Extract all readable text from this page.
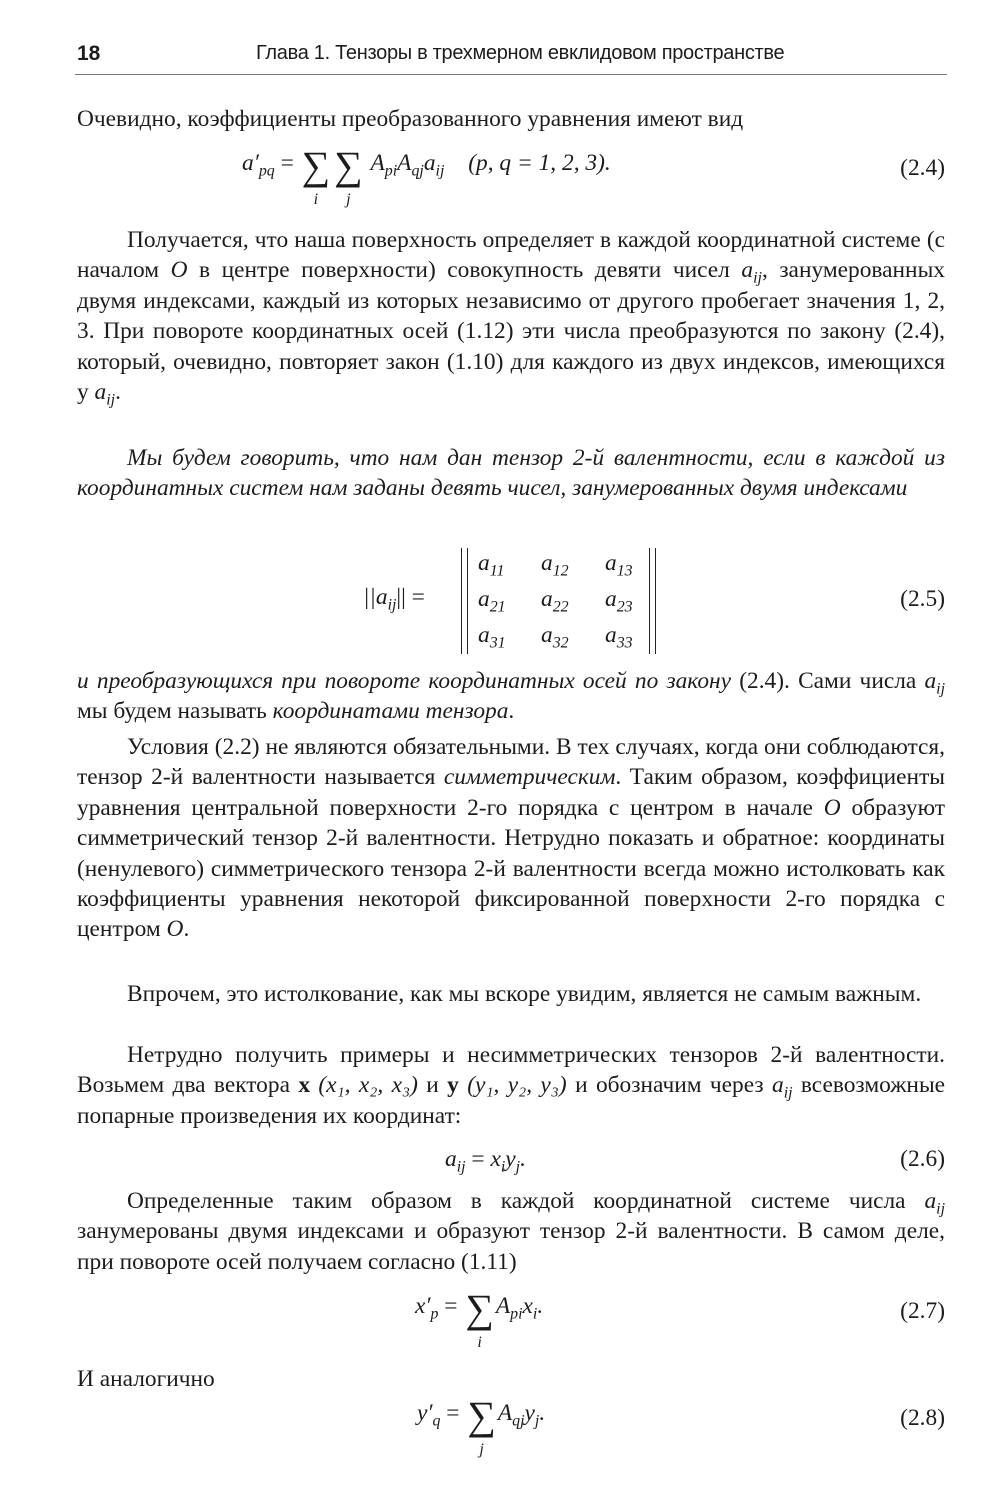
18	Глава 1. Тензоры в трехмерном евклидовом пространстве

Очевидно, коэффициенты преобразованного уравнения имеют вид

$a'_{pq}$ = ∑
i
∑
j
$A_{pi}A_{qj}a_{ij}$ (p, q = 1, 2, 3).	(2.4)

Получается, что наша поверхность определяет в каждой координатной системе (с началом O в центре поверхности) совокупность девяти чисел $a_{ij}$, занумерованных двумя индексами, каждый из которых независимо от другого пробегает значения 1, 2, 3. При повороте координатных осей (1.12) эти числа преобразуются по закону (2.4), который, очевидно, повторяет закон (1.10) для каждого из двух индексов, имеющихся у $a_{ij}$.

Мы будем говорить, что нам дан тензор 2-й валентности, если в каждой из координатных систем нам заданы девять чисел, занумерованных двумя индексами

$||a_{ij}||$ =
$a_{11}$ $a_{12}$ $a_{13}$
$a_{21}$ $a_{22}$ $a_{23}$
$a_{31}$ $a_{32}$ $a_{33}$
(2.5)

и преобразующихся при повороте координатных осей по закону (2.4). Сами числа $a_{ij}$ мы будем называть координатами тензора.

Условия (2.2) не являются обязательными. В тех случаях, когда они соблюдаются, тензор 2-й валентности называется симметрическим. Таким образом, коэффициенты уравнения центральной поверхности 2-го порядка с центром в начале O образуют симметрический тензор 2-й валентности. Нетрудно показать и обратное: координаты (ненулевого) симметрического тензора 2-й валентности всегда можно истолковать как коэффициенты уравнения некоторой фиксированной поверхности 2-го порядка с центром O.

Впрочем, это истолкование, как мы вскоре увидим, является не самым важным.

Нетрудно получить примеры и несимметрических тензоров 2-й валентности. Возьмем два вектора x (x₁, x₂, x₃) и y (y₁, y₂, y₃) и обозначим через $a_{ij}$ всевозможные попарные произведения их координат:

$a_{ij} = x_iy_j$.	(2.6)

Определенные таким образом в каждой координатной системе числа $a_{ij}$ занумерованы двумя индексами и образуют тензор 2-й валентности. В самом деле, при повороте осей получаем согласно (1.11)

$x'_p$ = ∑
i
$A_{pi}x_i$.	(2.7)

И аналогично

$y'_q$ = ∑
j
$A_{qj}y_j$.	(2.8)
